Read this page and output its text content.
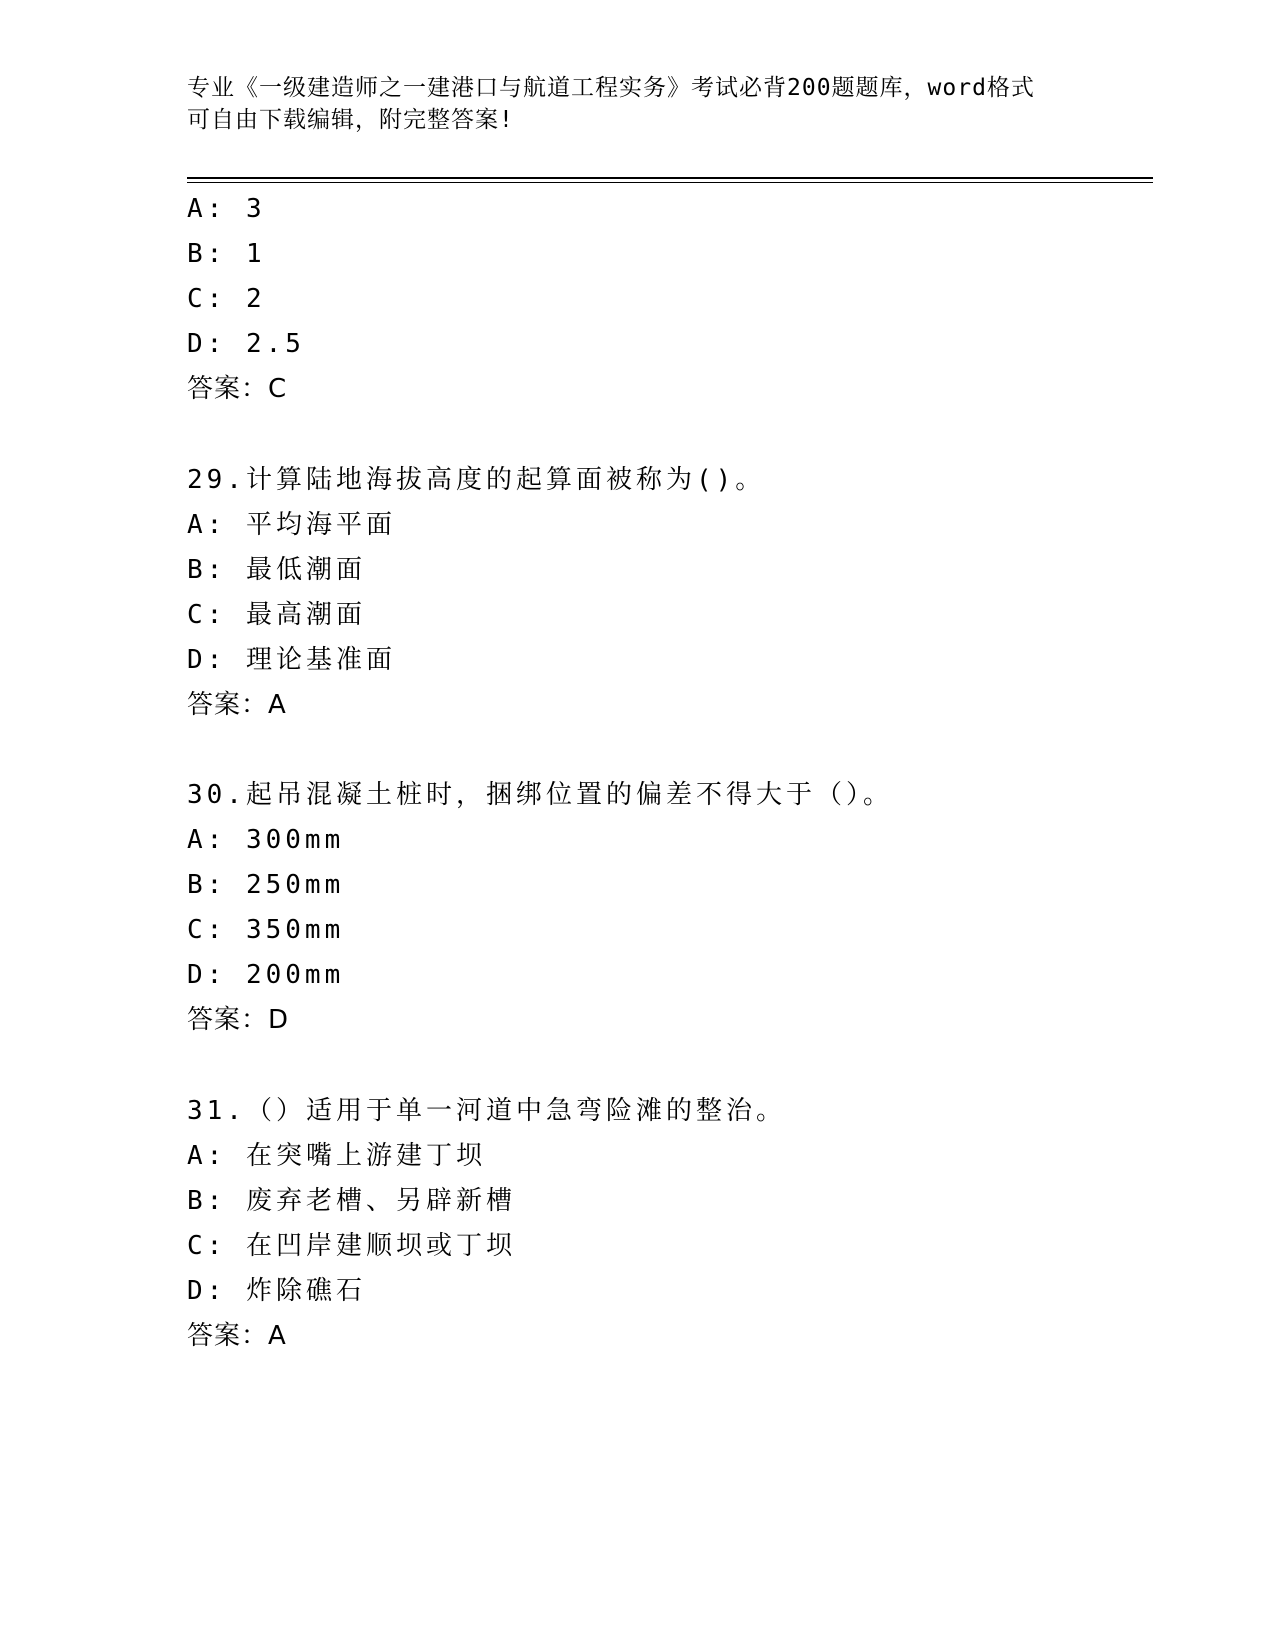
专业《一级建造师之一建港口与航道工程实务》考试必背200题题库，word格式
可自由下载编辑，附完整答案!
A: 3
B: 1
C: 2
D: 2.5
答案：C
29.计算陆地海拔高度的起算面被称为()。
A: 平均海平面
B: 最低潮面
C: 最高潮面
D: 理论基准面
答案：A
30.起吊混凝土桩时，捆绑位置的偏差不得大于（）。
A: 300mm
B: 250mm
C: 350mm
D: 200mm
答案：D
31.（）适用于单一河道中急弯险滩的整治。
A: 在突嘴上游建丁坝
B: 废弃老槽、另辟新槽
C: 在凹岸建顺坝或丁坝
D: 炸除礁石
答案：A
